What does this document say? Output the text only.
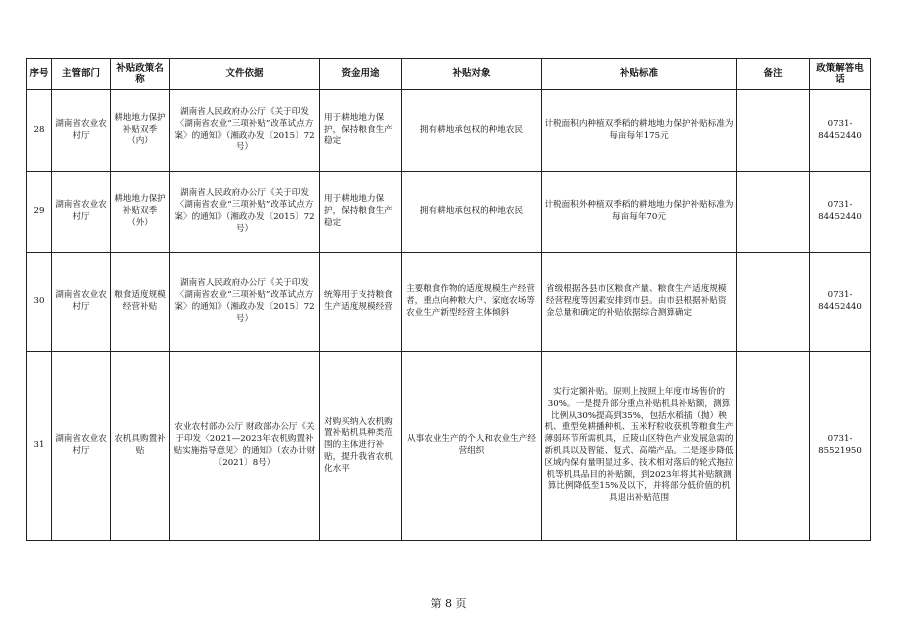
序号	主管部门	补贴政策名称	文件依据	资金用途	补贴对象	补贴标准	备注	政策解答电话
28	湖南省农业农村厅	耕地地力保护补贴双季（内）	湖南省人民政府办公厅《关于印发〈湖南省农业“三项补贴”改革试点方案〉的通知》（湘政办发〔2015〕72号）	用于耕地地力保护，保持粮食生产稳定	拥有耕地承包权的种地农民	计税面积内种植双季稻的耕地地力保护补贴标准为每亩每年175元		0731-84452440
29	湖南省农业农村厅	耕地地力保护补贴双季（外）	湖南省人民政府办公厅《关于印发〈湖南省农业“三项补贴”改革试点方案〉的通知》（湘政办发〔2015〕72号）	用于耕地地力保护，保持粮食生产稳定	拥有耕地承包权的种地农民	计税面积外种植双季稻的耕地地力保护补贴标准为每亩每年70元		0731-84452440
30	湖南省农业农村厅	粮食适度规模经营补贴	湖南省人民政府办公厅《关于印发〈湖南省农业“三项补贴”改革试点方案〉的通知》（湘政办发〔2015〕72号）	统筹用于支持粮食生产适度规模经营	主要粮食作物的适度规模生产经营者，重点向种粮大户、家庭农场等农业生产新型经营主体倾斜	省级根据各县市区粮食产量、粮食生产适度规模经营程度等因素安排到市县。由市县根据补贴资金总量和确定的补贴依据综合测算确定		0731-84452440
31	湖南省农业农村厅	农机具购置补贴	农业农村部办公厅 财政部办公厅《关于印发〈2021—2023年农机购置补贴实施指导意见〉的通知》（农办计财〔2021〕8号）	对购买纳入农机购置补贴机具种类范围的主体进行补贴，提升我省农机化水平	从事农业生产的个人和农业生产经营组织	实行定额补贴。原则上按照上年度市场售价的30%。一是提升部分重点补贴机具补贴额，测算比例从30%提高到35%，包括水稻插（抛）秧机、重型免耕播种机、玉米籽粒收获机等粮食生产薄弱环节所需机具，丘陵山区特色产业发展急需的新机具以及智能、复式、高端产品。二是逐步降低区域内保有量明显过多、技术相对落后的轮式拖拉机等机具品目的补贴额，到2023年将其补贴额测算比例降低至15%及以下，并将部分低价值的机具退出补贴范围		0731-85521950
第 8 页
